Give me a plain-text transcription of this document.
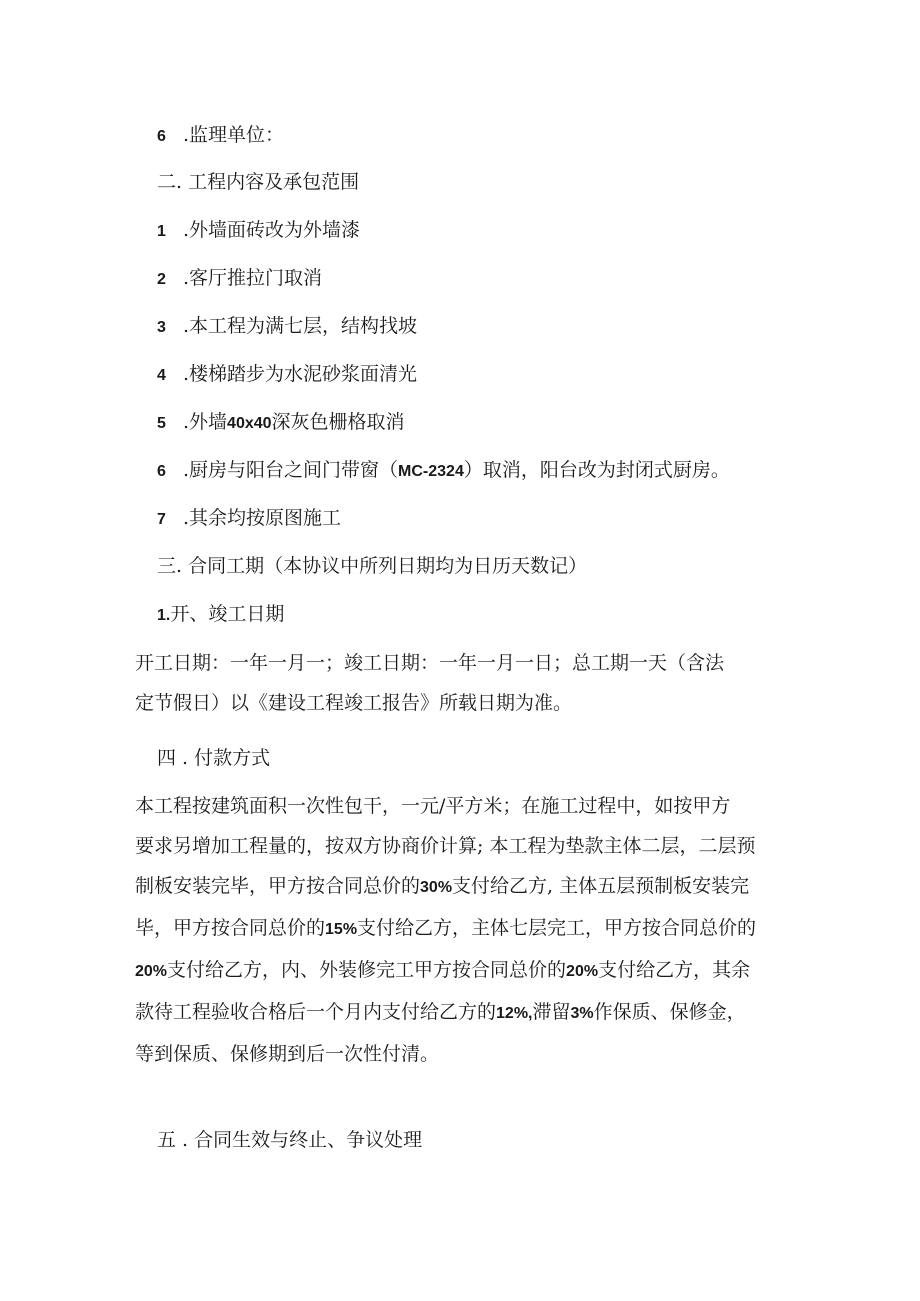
6 .监理单位：
二. 工程内容及承包范围
1 .外墙面砖改为外墙漆
2 .客厅推拉门取消
3 .本工程为满七层，结构找坡
4 .楼梯踏步为水泥砂浆面清光
5 .外墙40x40深灰色栅格取消
6 .厨房与阳台之间门带窗（MC-2324）取消，阳台改为封闭式厨房。
7 .其余均按原图施工
三. 合同工期（本协议中所列日期均为日历天数记）
1.开、竣工日期
开工日期：一年一月一；竣工日期：一年一月一日；总工期一天（含法
定节假日）以《建设工程竣工报告》所载日期为准。
四 . 付款方式
本工程按建筑面积一次性包干，一元/平方米；在施工过程中，如按甲方
要求另增加工程量的，按双方协商价计算; 本工程为垫款主体二层，二层预
制板安装完毕，甲方按合同总价的30%支付给乙方, 主体五层预制板安装完
毕，甲方按合同总价的15%支付给乙方，主体七层完工，甲方按合同总价的
20%支付给乙方，内、外装修完工甲方按合同总价的20%支付给乙方，其余
款待工程验收合格后一个月内支付给乙方的12%,滞留3%作保质、保修金，
等到保质、保修期到后一次性付清。
五 . 合同生效与终止、争议处理
